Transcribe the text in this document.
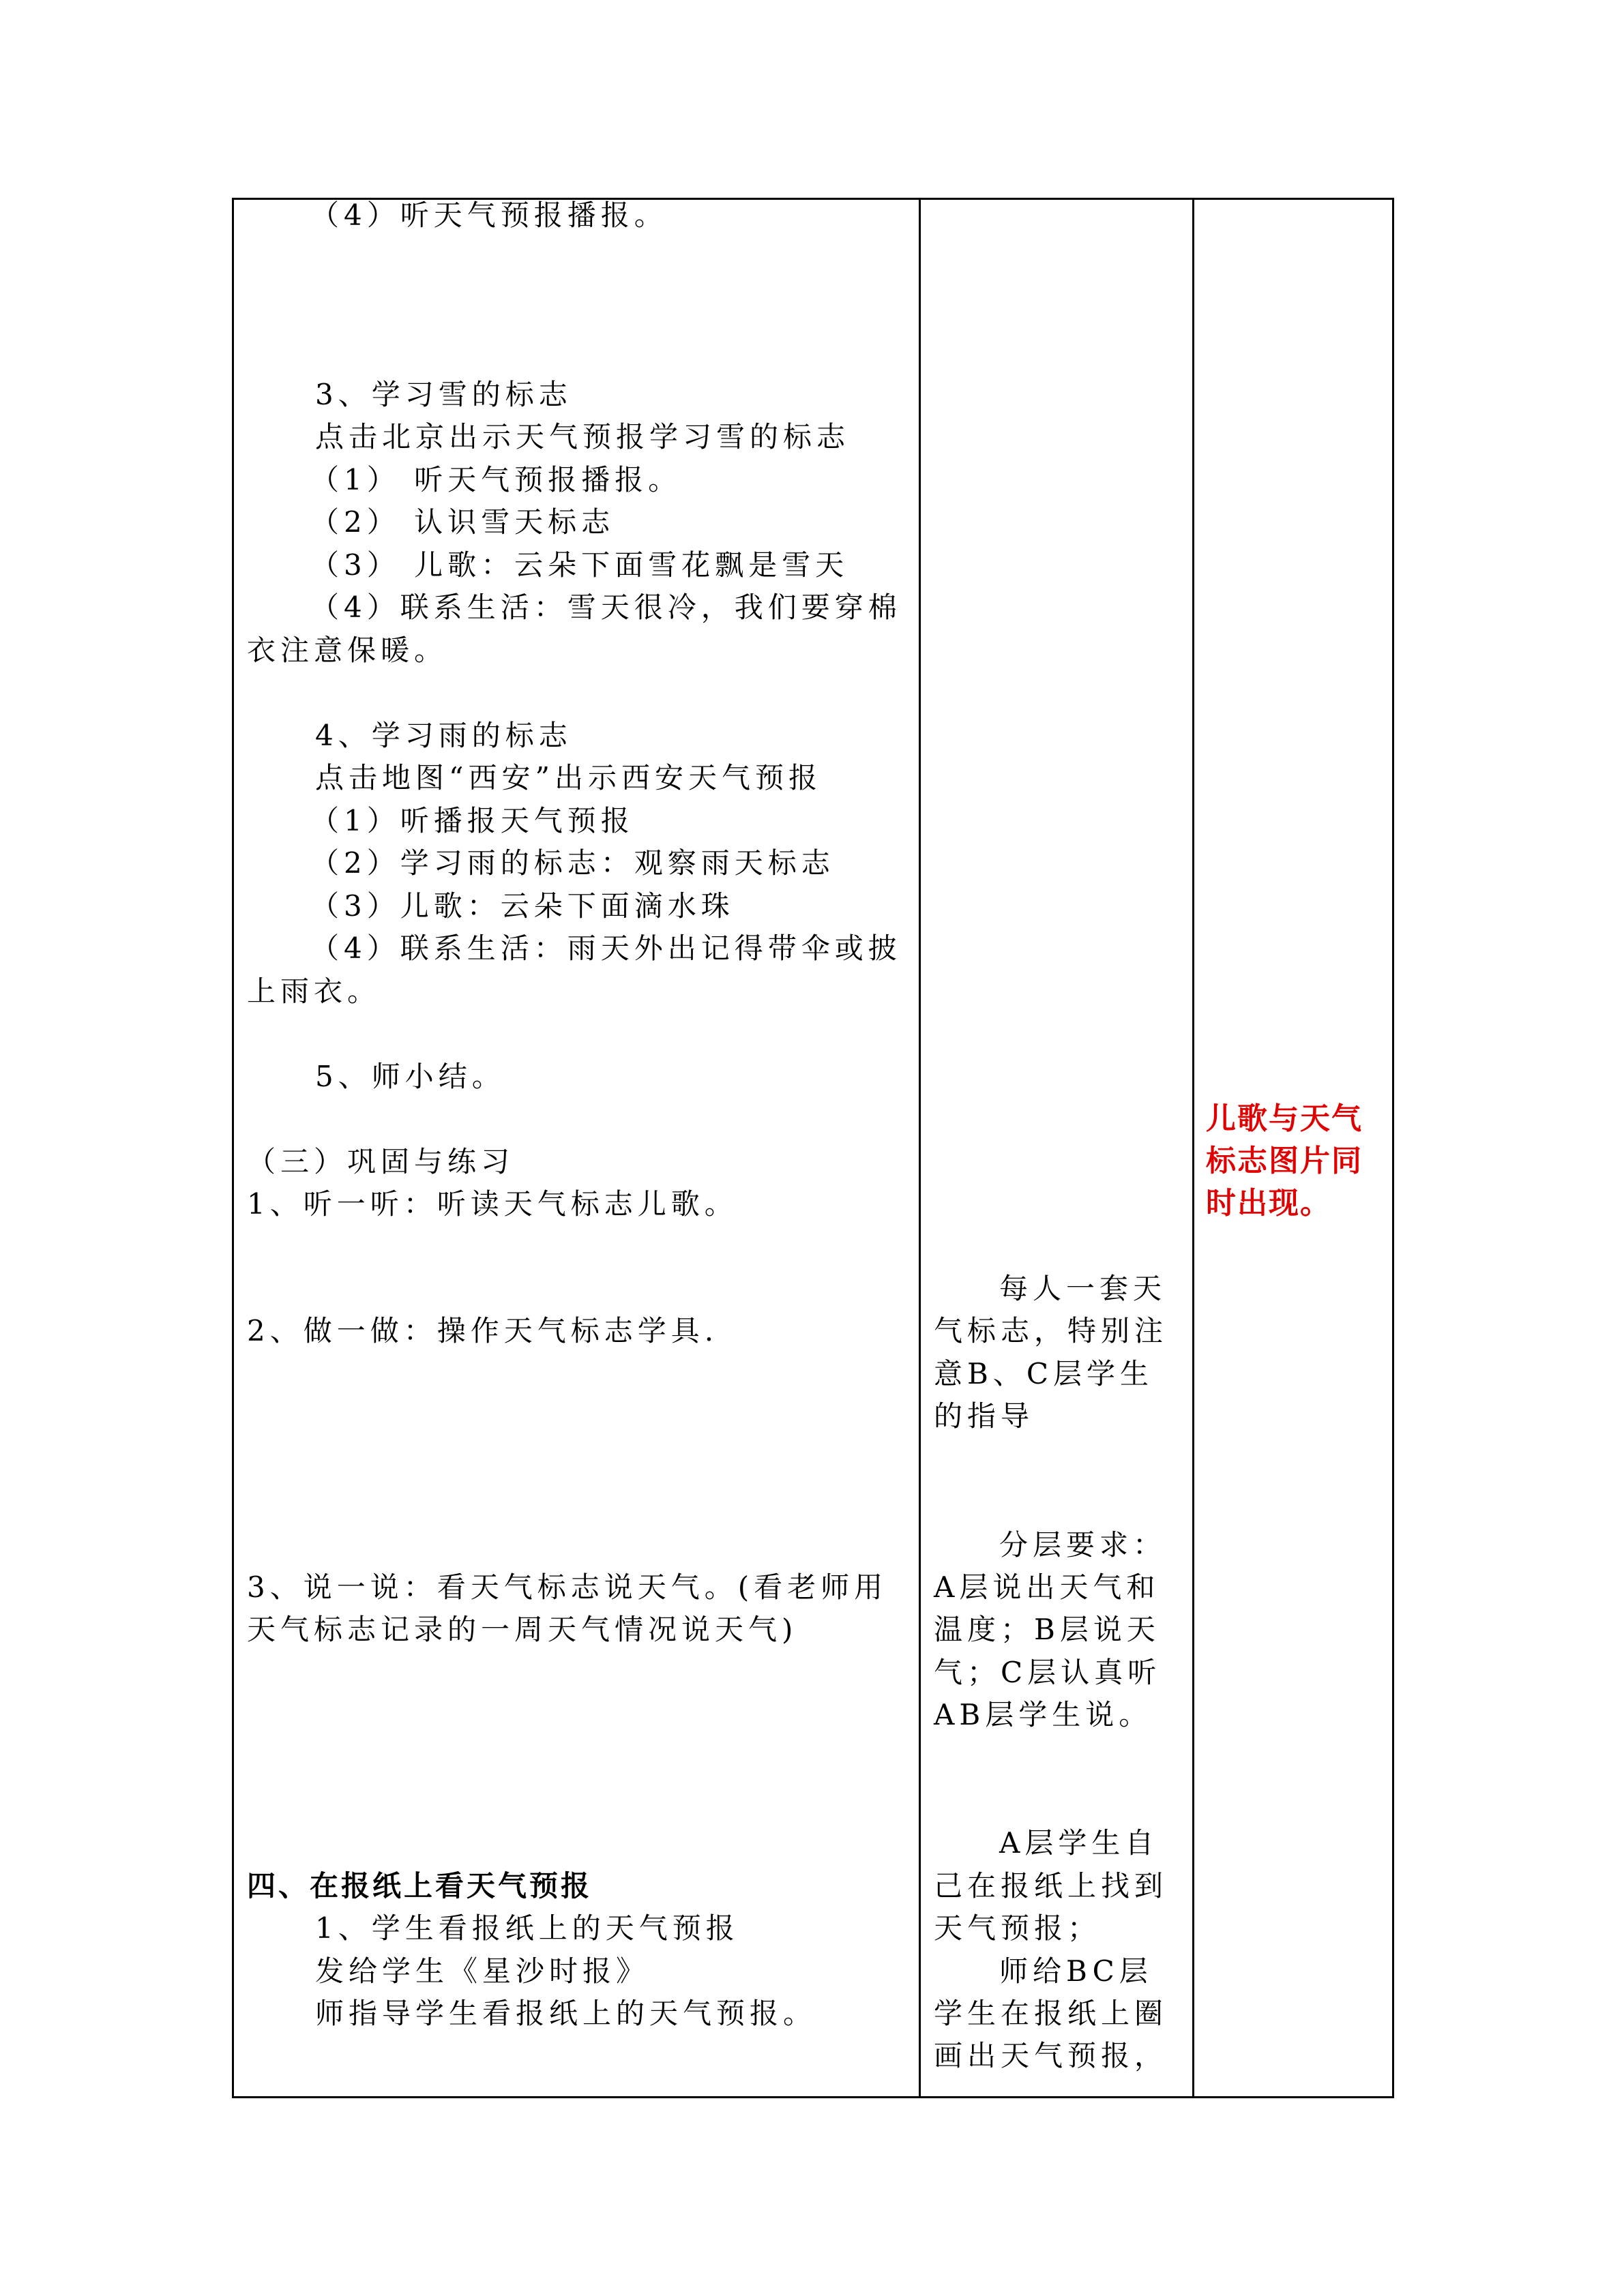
（4）听天气预报播报。
3、学习雪的标志
点击北京出示天气预报学习雪的标志
（1） 听天气预报播报。
（2） 认识雪天标志
（3） 儿歌：云朵下面雪花飘是雪天
（4）联系生活：雪天很冷，我们要穿棉
衣注意保暖。
4、学习雨的标志
点击地图“西安”出示西安天气预报
（1）听播报天气预报
（2）学习雨的标志：观察雨天标志
（3）儿歌：云朵下面滴水珠
（4）联系生活：雨天外出记得带伞或披
上雨衣。
5、师小结。
（三）巩固与练习
1、听一听：听读天气标志儿歌。
2、做一做：操作天气标志学具.
3、说一说：看天气标志说天气。(看老师用
天气标志记录的一周天气情况说天气)
四、在报纸上看天气预报
1、学生看报纸上的天气预报
发给学生《星沙时报》
师指导学生看报纸上的天气预报。
每人一套天
气标志，特别注
意B、C层学生
的指导
分层要求：
A层说出天气和
温度；B层说天
气；C层认真听
AB层学生说。
A层学生自
己在报纸上找到
天气预报；
师给BC层
学生在报纸上圈
画出天气预报，
儿歌与天气
标志图片同
时出现。
